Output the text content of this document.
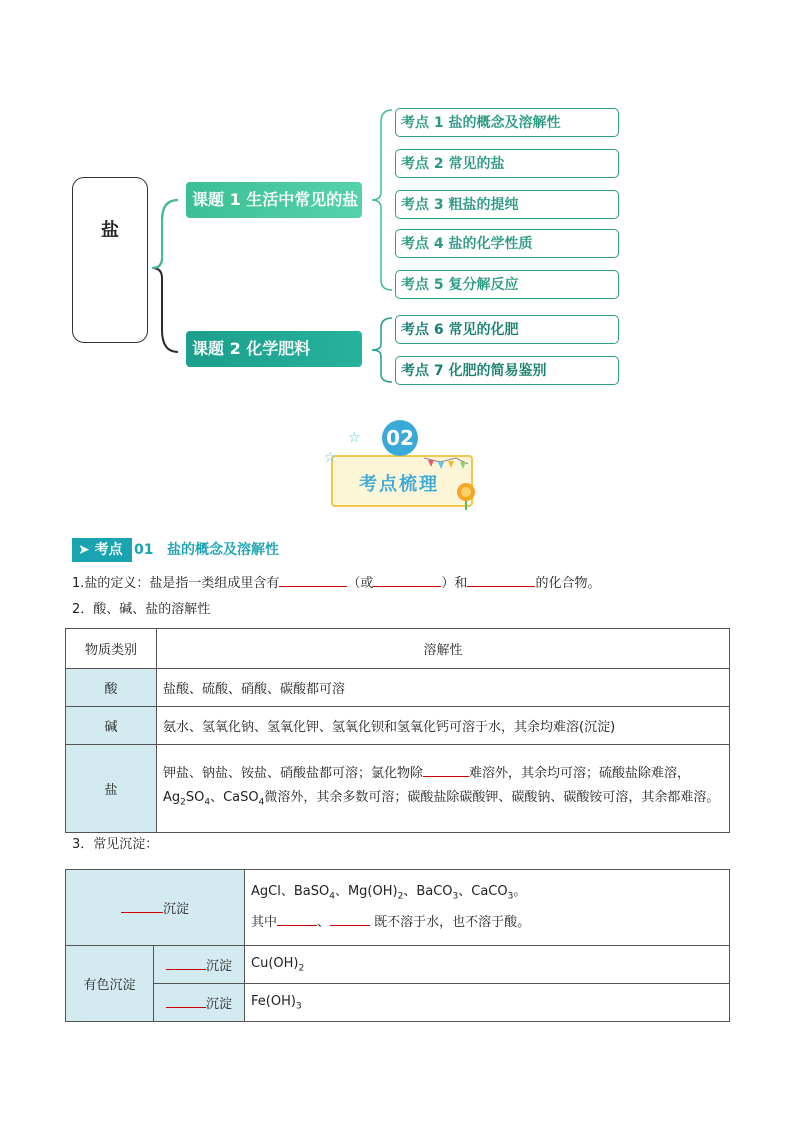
盐
课题 1 生活中常见的盐
课题 2 化学肥料
考点 1 盐的概念及溶解性
考点 2 常见的盐
考点 3 粗盐的提纯
考点 4 盐的化学性质
考点 5 复分解反应
考点 6 常见的化肥
考点 7 化肥的简易鉴别
☆
☆
02
考点梳理
➤ 考点 01 盐的概念及溶解性
1.盐的定义：盐是指一类组成里含有	（或	）和	的化合物。
2．酸、碱、盐的溶解性
物质类别	溶解性
酸	盐酸、硫酸、硝酸、碳酸都可溶
碱	氨水、氢氧化钠、氢氧化钾、氢氧化钡和氢氧化钙可溶于水，其余均难溶(沉淀)
盐	钾盐、钠盐、铵盐、硝酸盐都可溶；氯化物除 难溶外，其余均可溶；硫酸盐除难溶，$Ag_2SO_4$、CaSO$_4$微溶外，其余多数可溶；碳酸盐除碳酸钾、碳酸钠、碳酸铵可溶，其余都难溶。
3．常见沉淀：
沉淀		AgCl、BaSO$_4$、$Mg(OH)_2$、BaCO$_3$、CaCO$_3$。
其中 、 既不溶于水，也不溶于酸。

有色沉淀	沉淀	$Cu(OH)_2$
	沉淀	$Fe(OH)_3$
